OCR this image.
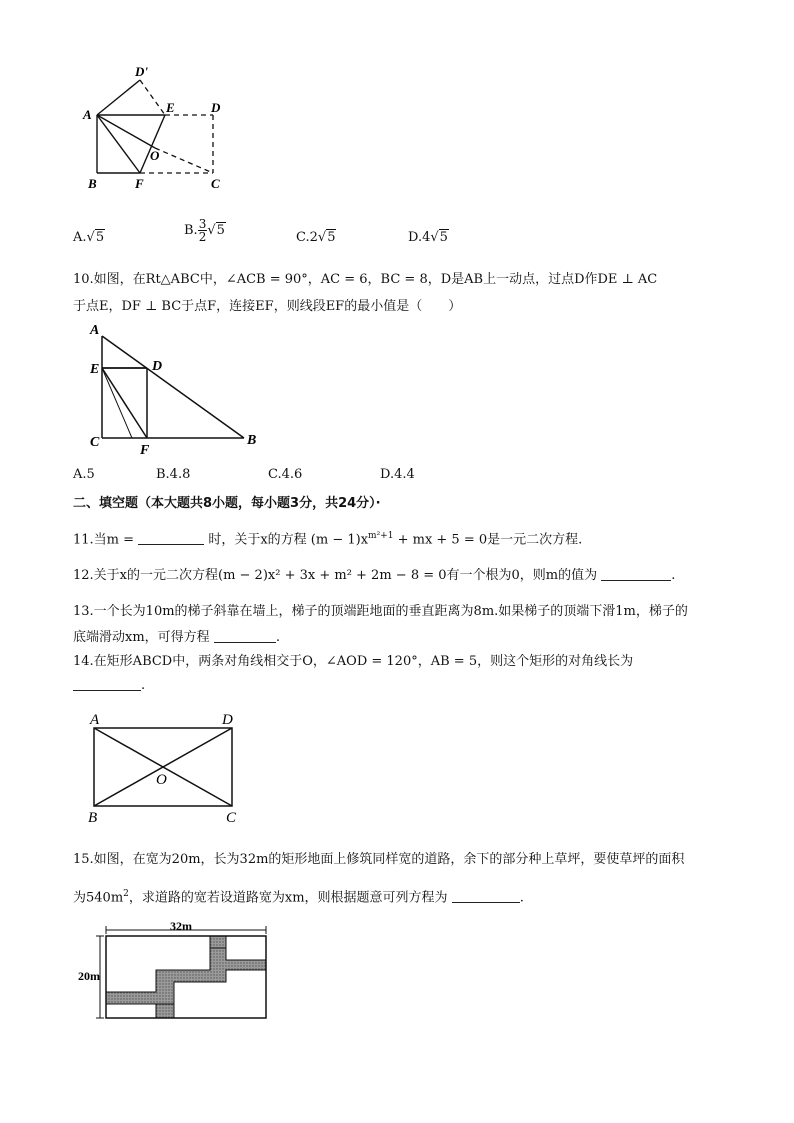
A
B	C
D
D'
E
F
O
A.√5	B. $\frac{3}{2} √5$	C.2√5	D.4√5
10.如图，在Rt△ABC中，∠ACB = 90°，AC = 6，BC = 8，D是AB上一动点，过点D作DE ⊥ AC
于点E，DF ⊥ BC于点F，连接EF，则线段EF的最小值是（　　）
A
E	D
C
F
B
A.5	B.4.8	C.4.6	D.4.4
二、填空题（本大题共8小题，每小题3分，共24分）·
11.当m =	时，关于x的方程 $(m - 1)x^{m^2+1}$ + mx + 5 = 0是一元二次方程.
12.关于x的一元二次方程(m − 2)x² + 3x + m² + 2m − 8 = 0有一个根为0，则m的值为	.
13.一个长为10m的梯子斜靠在墙上，梯子的顶端距地面的垂直距离为8m.如果梯子的顶端下滑1m，梯子的
底端滑动xm，可得方程	.
14.在矩形ABCD中，两条对角线相交于O，∠AOD = 120°，AB = 5，则这个矩形的对角线长为
.
A	D
O
B	C
15.如图，在宽为20m，长为32m的矩形地面上修筑同样宽的道路，余下的部分种上草坪，要使草坪的面积
为$540m^2$，求道路的宽若设道路宽为xm，则根据题意可列方程为	.
32m
20m
